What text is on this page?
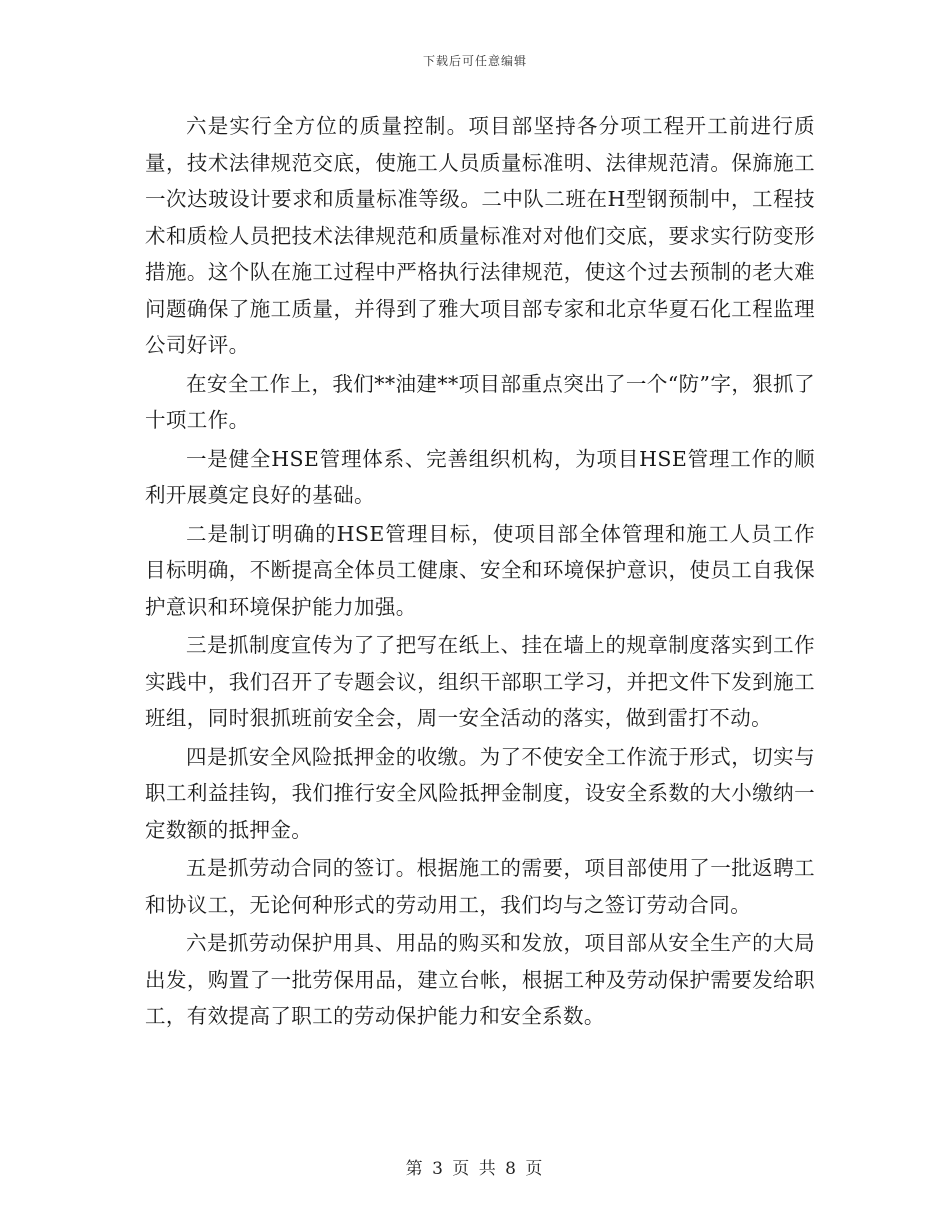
下载后可任意编辑

六是实行全方位的质量控制。项目部坚持各分项工程开工前进行质量，技术法律规范交底，使施工人员质量标准明、法律规范清。保旆施工一次达玻设计要求和质量标准等级。二中队二班在H型钢预制中，工程技术和质检人员把技术法律规范和质量标准对对他们交底，要求实行防变形措施。这个队在施工过程中严格执行法律规范，使这个过去预制的老大难问题确保了施工质量，并得到了雅大项目部专家和北京华夏石化工程监理公司好评。

在安全工作上，我们**油建**项目部重点突出了一个“防”字，狠抓了十项工作。

一是健全HSE管理体系、完善组织机构，为项目HSE管理工作的顺利开展奠定良好的基础。

二是制订明确的HSE管理目标，使项目部全体管理和施工人员工作目标明确，不断提高全体员工健康、安全和环境保护意识，使员工自我保护意识和环境保护能力加强。

三是抓制度宣传为了了把写在纸上、挂在墙上的规章制度落实到工作实践中，我们召开了专题会议，组织干部职工学习，并把文件下发到施工班组，同时狠抓班前安全会，周一安全活动的落实，做到雷打不动。

四是抓安全风险抵押金的收缴。为了不使安全工作流于形式，切实与职工利益挂钩，我们推行安全风险抵押金制度，设安全系数的大小缴纳一定数额的抵押金。

五是抓劳动合同的签订。根据施工的需要，项目部使用了一批返聘工和协议工，无论何种形式的劳动用工，我们均与之签订劳动合同。

六是抓劳动保护用具、用品的购买和发放，项目部从安全生产的大局出发，购置了一批劳保用品，建立台帐，根据工种及劳动保护需要发给职工，有效提高了职工的劳动保护能力和安全系数。

第 3 页 共 8 页
